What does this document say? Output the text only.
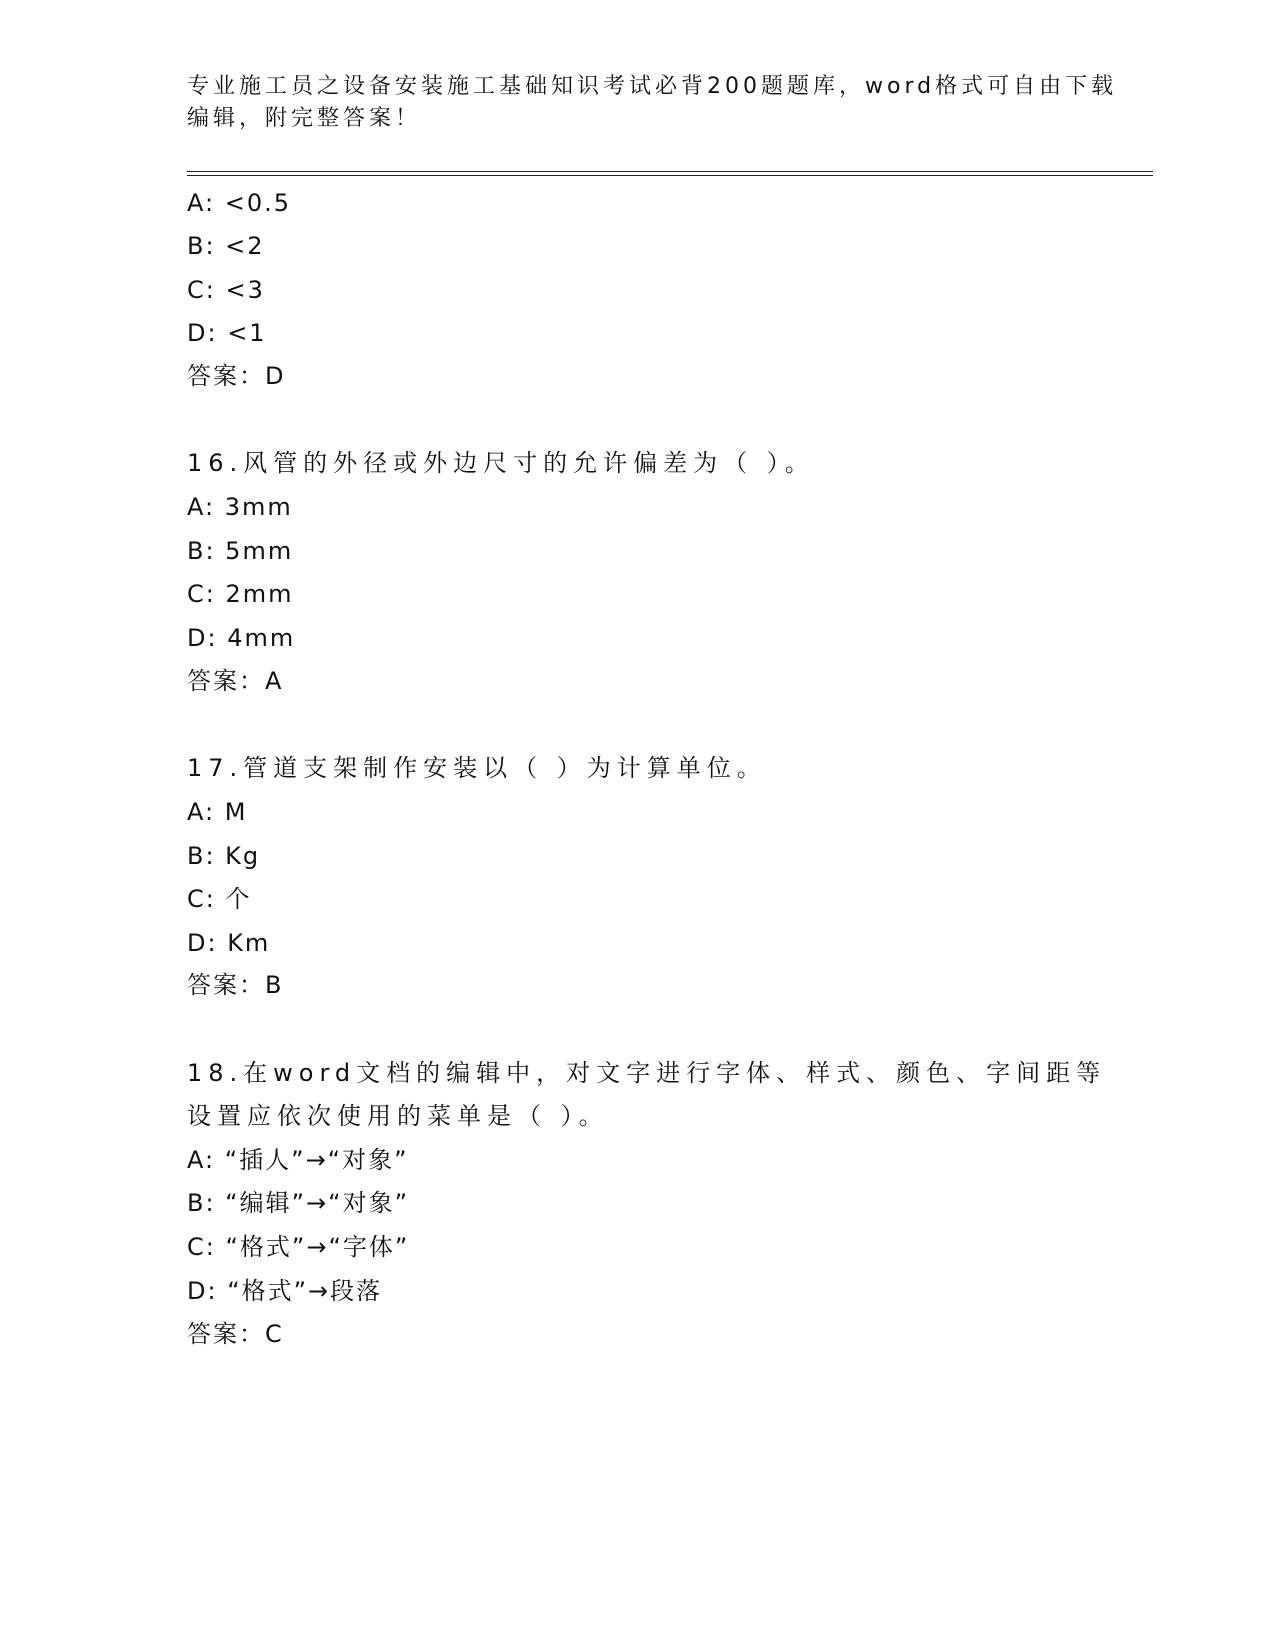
专业施工员之设备安装施工基础知识考试必背200题题库，word格式可自由下载
编辑，附完整答案！
A: <0.5
B: <2
C: <3
D: <1
答案：D
16.风管的外径或外边尺寸的允许偏差为（ ）。
A: 3mm
B: 5mm
C: 2mm
D: 4mm
答案：A
17.管道支架制作安装以（ ）为计算单位。
A: M
B: Kg
C: 个
D: Km
答案：B
18.在word文档的编辑中，对文字进行字体、样式、颜色、字间距等
设置应依次使用的菜单是（ ）。
A: “插人”→“对象”
B: “编辑”→“对象”
C: “格式”→“字体”
D: “格式”→段落
答案：C
